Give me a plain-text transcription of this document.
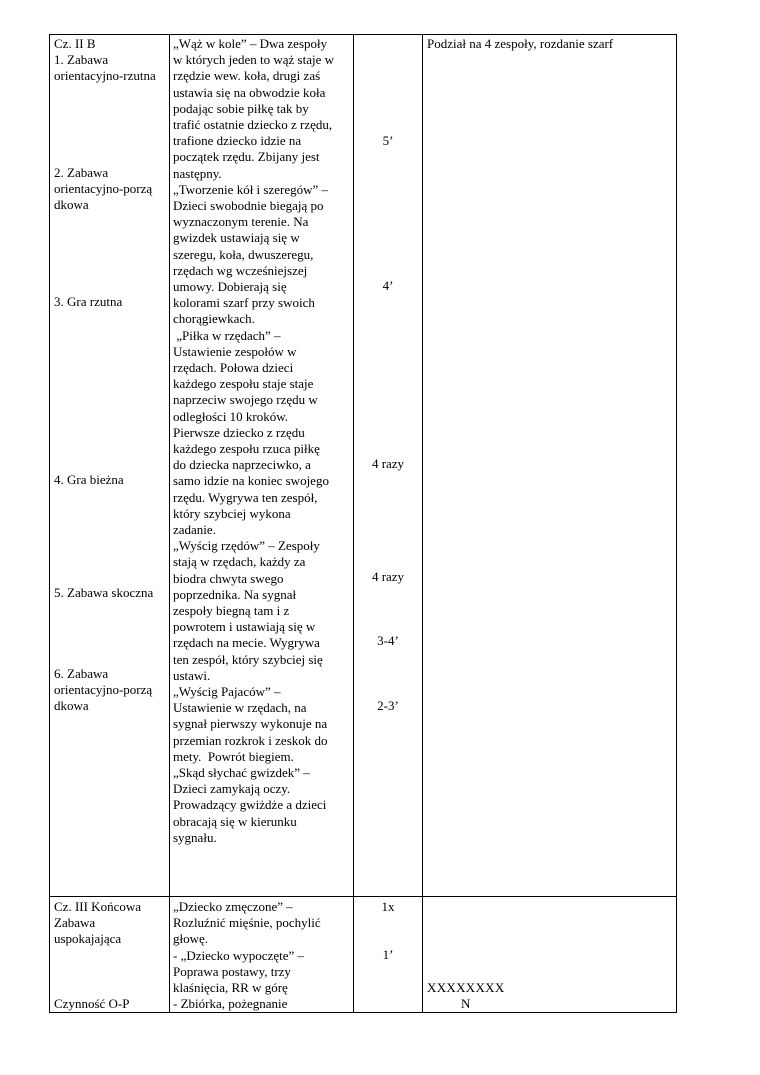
Cz. II B
1. Zabawa
orientacyjno-rzutna
2. Zabawa
orientacyjno-porzą
dkowa
3. Gra rzutna
4. Gra bieżna
5. Zabawa skoczna
6. Zabawa
orientacyjno-porzą
dkowa
„Wąż w kole” – Dwa zespoły
w których jeden to wąż staje w
rzędzie wew. koła, drugi zaś
ustawia się na obwodzie koła
podając sobie piłkę tak by
trafić ostatnie dziecko z rzędu,
trafione dziecko idzie na
początek rzędu. Zbijany jest
następny.
„Tworzenie kół i szeregów” –
Dzieci swobodnie biegają po
wyznaczonym terenie. Na
gwizdek ustawiają się w
szeregu, koła, dwuszeregu,
rzędach wg wcześniejszej
umowy. Dobierają się
kolorami szarf przy swoich
chorągiewkach.
„Piłka w rzędach” –
Ustawienie zespołów w
rzędach. Połowa dzieci
każdego zespołu staje staje
naprzeciw swojego rzędu w
odległości 10 kroków.
Pierwsze dziecko z rzędu
każdego zespołu rzuca piłkę
do dziecka naprzeciwko, a
samo idzie na koniec swojego
rzędu. Wygrywa ten zespół,
który szybciej wykona
zadanie.
„Wyścig rzędów” – Zespoły
stają w rzędach, każdy za
biodra chwyta swego
poprzednika. Na sygnał
zespoły biegną tam i z
powrotem i ustawiają się w
rzędach na mecie. Wygrywa
ten zespół, który szybciej się
ustawi.
„Wyścig Pajaców” –
Ustawienie w rzędach, na
sygnał pierwszy wykonuje na
przemian rozkrok i zeskok do
mety.  Powrót biegiem.
„Skąd słychać gwizdek” –
Dzieci zamykają oczy.
Prowadzący gwiżdże a dzieci
obracają się w kierunku
sygnału.
5’
4’
4 razy
4 razy
3-4’
2-3’
Podział na 4 zespoły, rozdanie szarf
Cz. III Końcowa
Zabawa
uspokajająca
Czynność O-P
„Dziecko zmęczone” –
Rozluźnić mięśnie, pochylić
głowę.
- „Dziecko wypoczęte” –
Poprawa postawy, trzy
klaśnięcia, RR w górę
- Zbiórka, pożegnanie
1x
1’
XXXXXXXX
N
